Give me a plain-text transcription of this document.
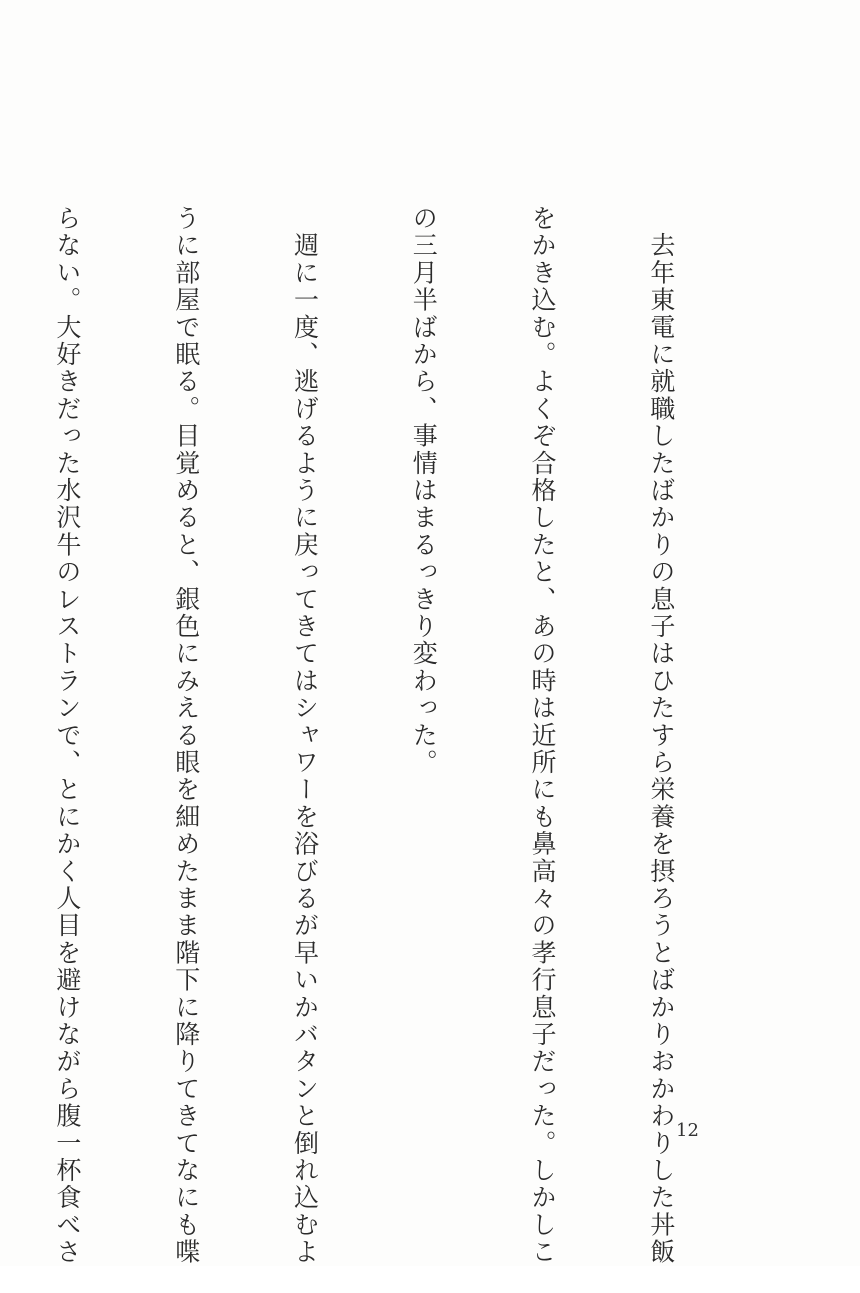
　去年東電に就職したばかりの息子はひたすら栄養を摂ろうとばかりおかわりした丼飯

をかき込む。よくぞ合格したと、あの時は近所にも鼻高々の孝行息子だった。しかしこ

の三月半ばから、事情はまるっきり変わった。

　週に一度、逃げるように戻ってきてはシャワーを浴びるが早いかバタンと倒れ込むよ

うに部屋で眠る。目覚めると、銀色にみえる眼を細めたまま階下に降りてきてなにも喋

らない。大好きだった水沢牛のレストランで、とにかく人目を避けながら腹一杯食べさ

	12
